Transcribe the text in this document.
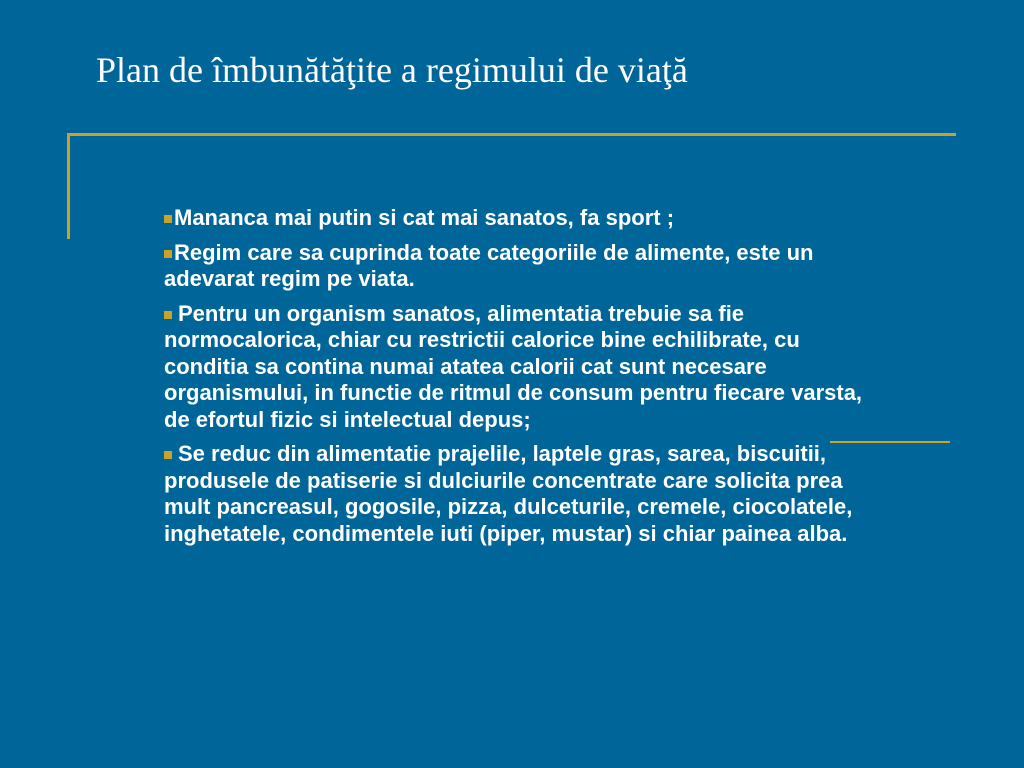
Plan de îmbunătăţite a regimului de viaţă
Mananca mai putin si cat mai sanatos, fa sport ;
Regim care sa cuprinda toate categoriile de alimente, este un adevarat regim pe viata.
Pentru un organism sanatos, alimentatia trebuie sa fie normocalorica, chiar cu restrictii calorice bine echilibrate, cu conditia sa contina numai atatea calorii cat sunt necesare organismului, in functie de ritmul de consum pentru fiecare varsta, de efortul fizic si intelectual depus;
Se reduc din alimentatie prajelile, laptele gras, sarea, biscuitii, produsele de patiserie si dulciurile concentrate care solicita prea mult pancreasul, gogosile, pizza, dulceturile, cremele, ciocolatele, inghetatele, condimentele iuti (piper, mustar) si chiar painea alba.
